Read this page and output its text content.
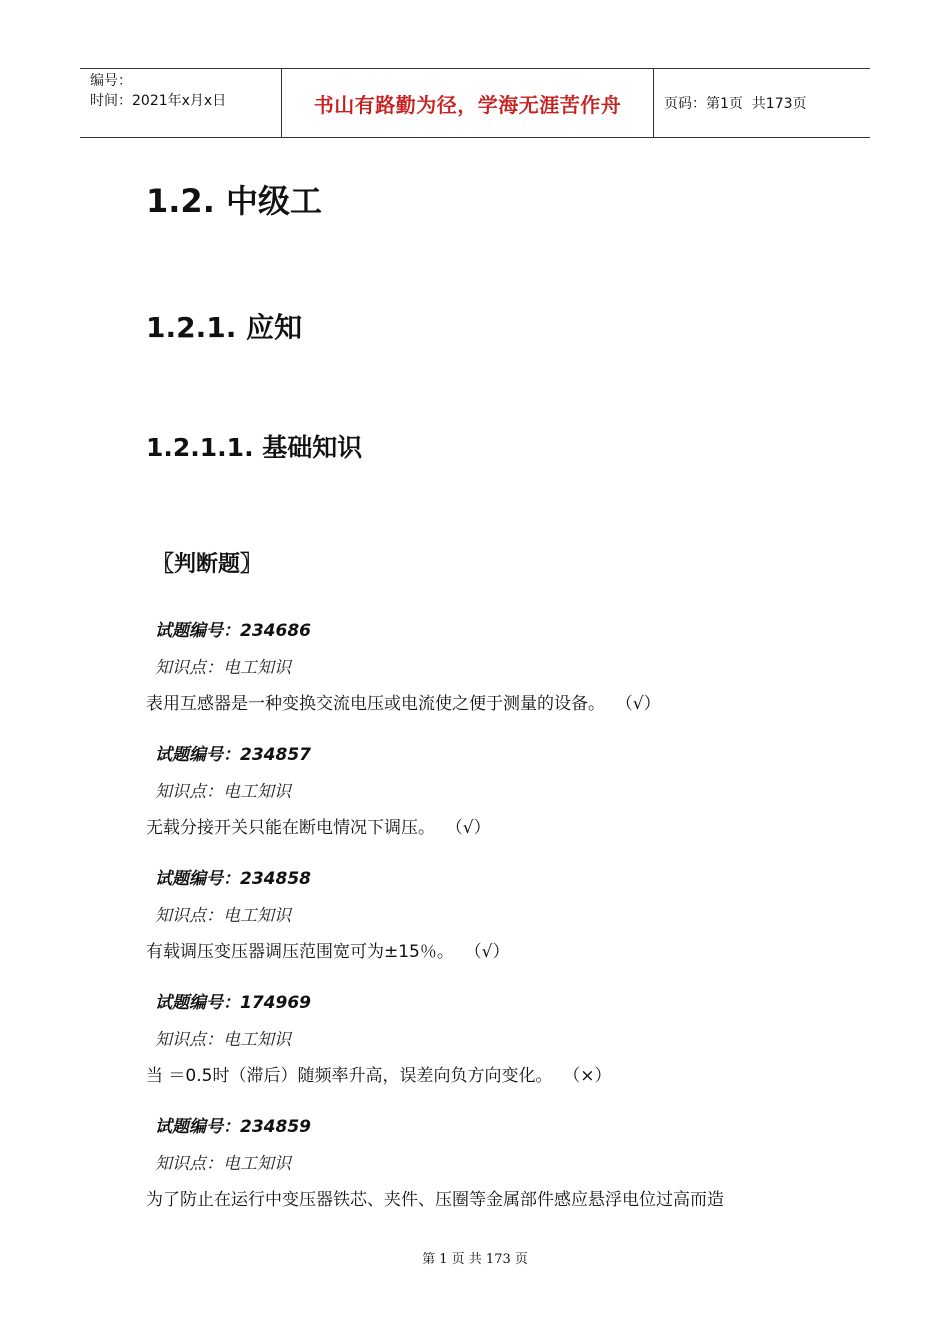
编号：
时间：2021年x月x日	书山有路勤为径，学海无涯苦作舟	页码：第1页  共173页
1.2. 中级工
1.2.1. 应知
1.2.1.1. 基础知识
〖判断题〗
试题编号：234686
知识点：电工知识
表用互感器是一种变换交流电压或电流使之便于测量的设备。  （√）
试题编号：234857
知识点：电工知识
无载分接开关只能在断电情况下调压。  （√）
试题编号：234858
知识点：电工知识
有载调压变压器调压范围宽可为±15％。  （√）
试题编号：174969
知识点：电工知识
当 ＝0.5时（滞后）随频率升高，误差向负方向变化。  （×）
试题编号：234859
知识点：电工知识
为了防止在运行中变压器铁芯、夹件、压圈等金属部件感应悬浮电位过高而造
第 1 页 共 173 页
